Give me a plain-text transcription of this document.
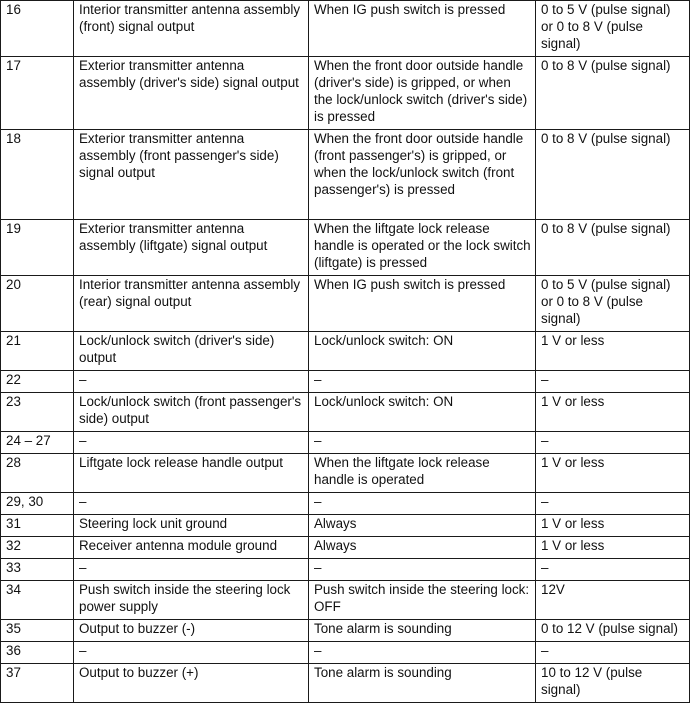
16	Interior transmitter antenna assembly (front) signal output	When IG push switch is pressed	0 to 5 V (pulse signal) or 0 to 8 V (pulse signal)
17	Exterior transmitter antenna assembly (driver's side) signal output	When the front door outside handle (driver's side) is gripped, or when the lock/unlock switch (driver's side) is pressed	0 to 8 V (pulse signal)
18	Exterior transmitter antenna assembly (front passenger's side) signal output	When the front door outside handle (front passenger's) is gripped, or when the lock/unlock switch (front passenger's) is pressed	0 to 8 V (pulse signal)
19	Exterior transmitter antenna assembly (liftgate) signal output	When the liftgate lock release handle is operated or the lock switch (liftgate) is pressed	0 to 8 V (pulse signal)
20	Interior transmitter antenna assembly (rear) signal output	When IG push switch is pressed	0 to 5 V (pulse signal) or 0 to 8 V (pulse signal)
21	Lock/unlock switch (driver's side) output	Lock/unlock switch: ON	1 V or less
22	–	–	–
23	Lock/unlock switch (front passenger's side) output	Lock/unlock switch: ON	1 V or less
24 – 27	–	–	–
28	Liftgate lock release handle output	When the liftgate lock release handle is operated	1 V or less
29, 30	–	–	–
31	Steering lock unit ground	Always	1 V or less
32	Receiver antenna module ground	Always	1 V or less
33	–	–	–
34	Push switch inside the steering lock power supply	Push switch inside the steering lock: OFF	12V
35	Output to buzzer (-)	Tone alarm is sounding	0 to 12 V (pulse signal)
36	–	–	–
37	Output to buzzer (+)	Tone alarm is sounding	10 to 12 V (pulse signal)
